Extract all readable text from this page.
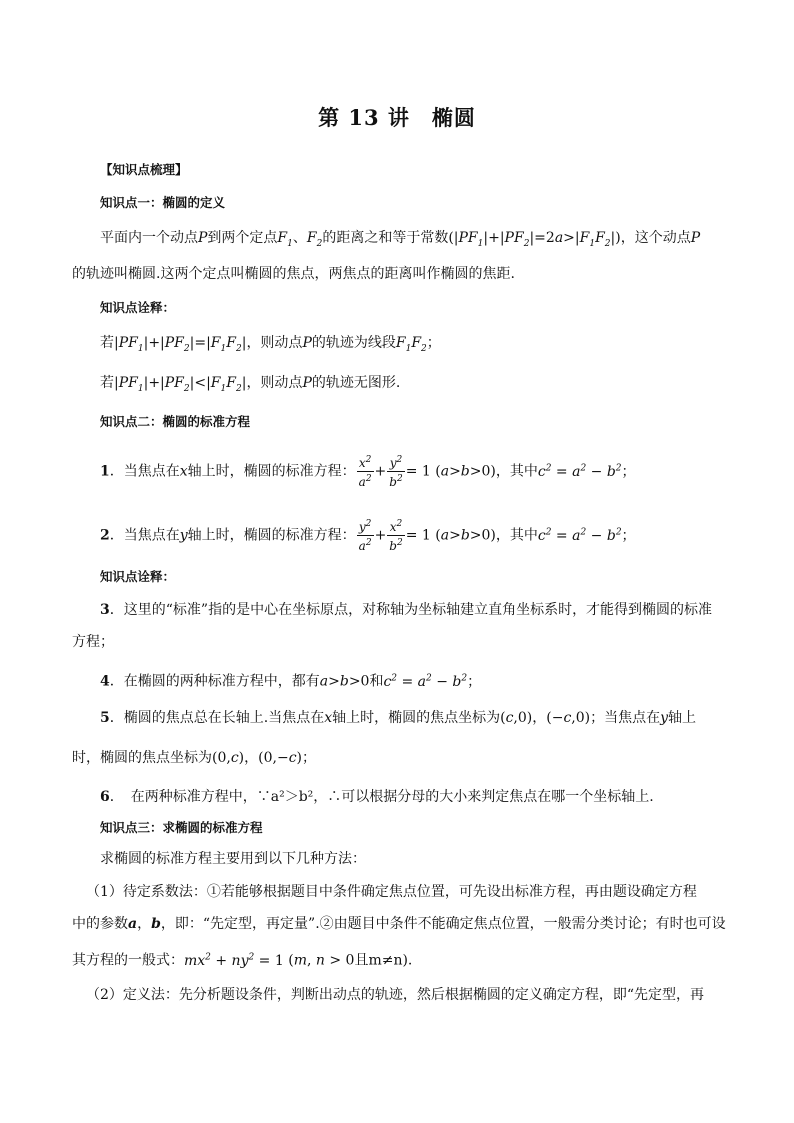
第 13 讲　椭圆
【知识点梳理】
知识点一：椭圆的定义
平面内一个动点P到两个定点$F_1$、$F_2$的距离之和等于常数$(|PF_1|+|PF_2|=2a>|F_1F_2|)$，这个动点P
的轨迹叫椭圆.这两个定点叫椭圆的焦点，两焦点的距离叫作椭圆的焦距.
知识点诠释：
若$|PF_1|+|PF_2|=|F_1F_2|$，则动点P的轨迹为线段$F_1F_2$；
若$|PF_1|+|PF_2|<|F_1F_2|$，则动点P的轨迹无图形.
知识点二：椭圆的标准方程
1．当焦点在x轴上时，椭圆的标准方程： $\frac{x^2}{a^2} + \frac{y^2}{b^2} = 1$ (a>b>0)，其中$c^2 = a^2 - b^2$；
2．当焦点在y轴上时，椭圆的标准方程： $\frac{y^2}{a^2} + \frac{x^2}{b^2} = 1$ (a>b>0)，其中$c^2 = a^2 - b^2$；
知识点诠释：
3．这里的“标准”指的是中心在坐标原点，对称轴为坐标轴建立直角坐标系时，才能得到椭圆的标准
方程；
4．在椭圆的两种标准方程中，都有a>b>0和$c^2 = a^2 - b^2$；
5．椭圆的焦点总在长轴上.当焦点在x轴上时，椭圆的焦点坐标为(c,0)，(−c,0)；当焦点在y轴上
时，椭圆的焦点坐标为(0,c)，(0,−c)；
6．　在两种标准方程中，∵a²＞b²，∴可以根据分母的大小来判定焦点在哪一个坐标轴上.
知识点三：求椭圆的标准方程
求椭圆的标准方程主要用到以下几种方法：
（1）待定系数法：①若能够根据题目中条件确定焦点位置，可先设出标准方程，再由题设确定方程
中的参数a，b，即：“先定型，再定量”.②由题目中条件不能确定焦点位置，一般需分类讨论；有时也可设
其方程的一般式：$mx^2 + ny^2 = 1$ (m, n > 0且m≠n).
（2）定义法：先分析题设条件，判断出动点的轨迹，然后根据椭圆的定义确定方程，即“先定型，再
